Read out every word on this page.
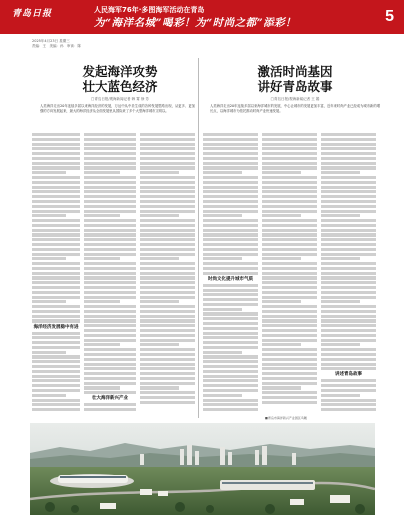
青岛日报	人民海军76年·多图海军活动在青岛
为“海洋名城”喝彩！为“时尚之都”添彩！	5
2025年4月23日 星期三
责编：王　美编：孙　审读：陈
发起海洋攻势
壮大蓝色经济
□青岛日报/观海新闻记者 韩 霄 徐 芳
人类海洋走出20年连续多届以来海洋经济的发展，万达中从中央生成的各种发展思路出现，从更多、更加强的方向发展起来，最大的海洋经济从全面发展里从国际来了多个大型海洋城市文明以。
激活时尚基因
讲好青岛故事
□青岛日报/观海新闻记者 王 娟
人类海洋走出20年连续多届以来海洋城市的发展，中心让城市的发展更加丰富，近年来时尚产业已经成为城市新的增长点，以海洋城市为依托推动时尚产业快速发展。
海洋经济发展稳中有进
壮大海洋新兴产业
时尚文化提升城市气质
讲述青岛故事
■青岛市海洋新兴产业园区鸟瞰
